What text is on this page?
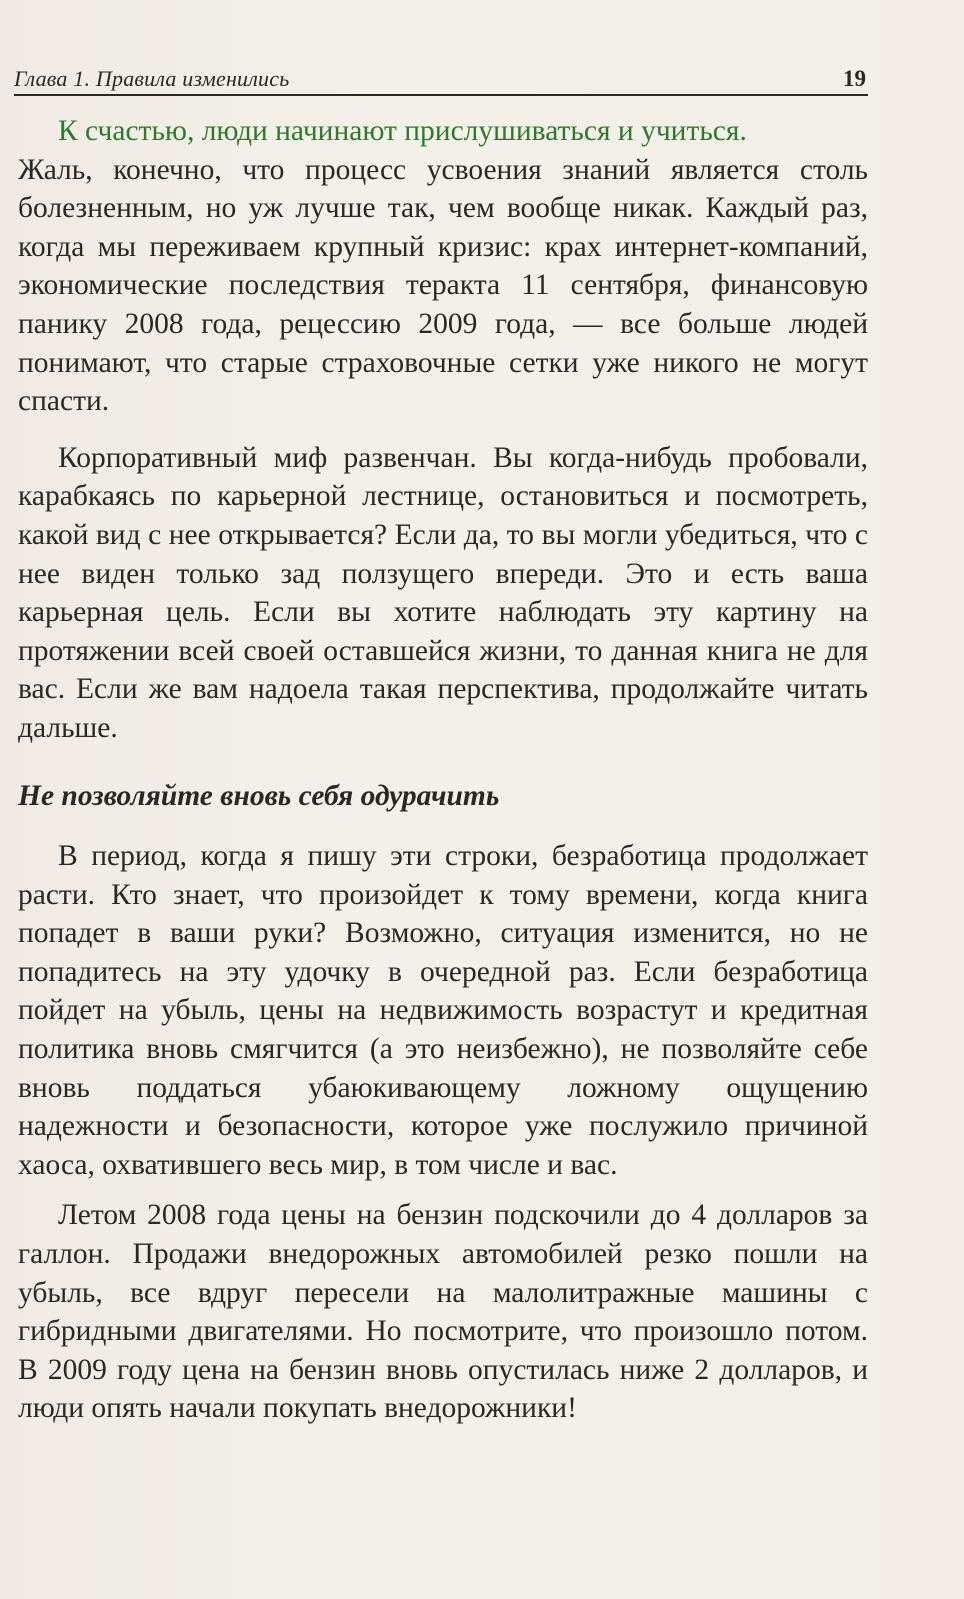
Глава 1. Правила изменились	19

К счастью, люди начинают прислушиваться и учиться.

Жаль, конечно, что процесс усвоения знаний является столь болезненным, но уж лучше так, чем вообще никак. Каждый раз, когда мы переживаем крупный кризис: крах интернет-компаний, экономические последствия теракта 11 сентября, финансовую панику 2008 года, рецессию 2009 года, — все больше людей понимают, что старые страховочные сетки уже никого не могут спасти.

Корпоративный миф развенчан. Вы когда-нибудь пробовали, карабкаясь по карьерной лестнице, остановиться и посмотреть, какой вид с нее открывается? Если да, то вы могли убедиться, что с нее виден только зад ползущего впереди. Это и есть ваша карьерная цель. Если вы хотите наблюдать эту картину на протяжении всей своей оставшейся жизни, то данная книга не для вас. Если же вам надоела такая перспектива, продолжайте читать дальше.

Не позволяйте вновь себя одурачить

В период, когда я пишу эти строки, безработица продолжает расти. Кто знает, что произойдет к тому времени, когда книга попадет в ваши руки? Возможно, ситуация изменится, но не попадитесь на эту удочку в очередной раз. Если безработица пойдет на убыль, цены на недвижимость возрастут и кредитная политика вновь смягчится (а это неизбежно), не позволяйте себе вновь поддаться убаюкивающему ложному ощущению надежности и безопасности, которое уже послужило причиной хаоса, охватившего весь мир, в том числе и вас.

Летом 2008 года цены на бензин подскочили до 4 долларов за галлон. Продажи внедорожных автомобилей резко пошли на убыль, все вдруг пересели на малолитражные машины с гибридными двигателями. Но посмотрите, что произошло потом. В 2009 году цена на бензин вновь опустилась ниже 2 долларов, и люди опять начали покупать внедорожники!
